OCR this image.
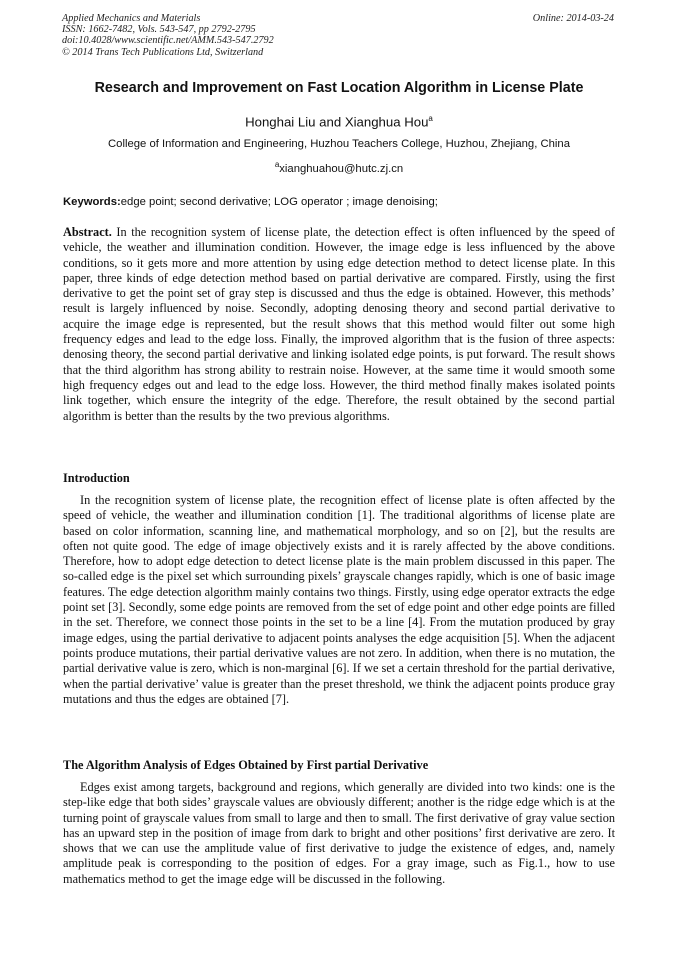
Applied Mechanics and Materials
ISSN: 1662-7482, Vols. 543-547, pp 2792-2795
doi:10.4028/www.scientific.net/AMM.543-547.2792
© 2014 Trans Tech Publications Ltd, Switzerland
Online: 2014-03-24
Research and Improvement on Fast Location Algorithm in License Plate
Honghai Liu and Xianghua Hou$^a$
College of Information and Engineering, Huzhou Teachers College, Huzhou, Zhejiang, China
$^a$xianghuahou@hutc.zj.cn
Keywords:edge point; second derivative; LOG operator ; image denoising;
Abstract. In the recognition system of license plate, the detection effect is often influenced by the speed of vehicle, the weather and illumination condition. However, the image edge is less influenced by the above conditions, so it gets more and more attention by using edge detection method to detect license plate. In this paper, three kinds of edge detection method based on partial derivative are compared. Firstly, using the first derivative to get the point set of gray step is discussed and thus the edge is obtained. However, this methods’ result is largely influenced by noise. Secondly, adopting denosing theory and second partial derivative to acquire the image edge is represented, but the result shows that this method would filter out some high frequency edges and lead to the edge loss. Finally, the improved algorithm that is the fusion of three aspects: denosing theory, the second partial derivative and linking isolated edge points, is put forward. The result shows that the third algorithm has strong ability to restrain noise. However, at the same time it would smooth some high frequency edges out and lead to the edge loss. However, the third method finally makes isolated points link together, which ensure the integrity of the edge. Therefore, the result obtained by the second partial algorithm is better than the results by the two previous algorithms.
Introduction
In the recognition system of license plate, the recognition effect of license plate is often affected by the speed of vehicle, the weather and illumination condition [1]. The traditional algorithms of license plate are based on color information, scanning line, and mathematical morphology, and so on [2], but the results are often not quite good. The edge of image objectively exists and it is rarely affected by the above conditions. Therefore, how to adopt edge detection to detect license plate is the main problem discussed in this paper. The so-called edge is the pixel set which surrounding pixels’ grayscale changes rapidly, which is one of basic image features. The edge detection algorithm mainly contains two things. Firstly, using edge operator extracts the edge point set [3]. Secondly, some edge points are removed from the set of edge point and other edge points are filled in the set. Therefore, we connect those points in the set to be a line [4]. From the mutation produced by gray image edges, using the partial derivative to adjacent points analyses the edge acquisition [5]. When the adjacent points produce mutations, their partial derivative values are not zero. In addition, when there is no mutation, the partial derivative value is zero, which is non-marginal [6]. If we set a certain threshold for the partial derivative, when the partial derivative’ value is greater than the preset threshold, we think the adjacent points produce gray mutations and thus the edges are obtained [7].
The Algorithm Analysis of Edges Obtained by First partial Derivative
Edges exist among targets, background and regions, which generally are divided into two kinds: one is the step-like edge that both sides’ grayscale values are obviously different; another is the ridge edge which is at the turning point of grayscale values from small to large and then to small. The first derivative of gray value section has an upward step in the position of image from dark to bright and other positions’ first derivative are zero. It shows that we can use the amplitude value of first derivative to judge the existence of edges, and, namely amplitude peak is corresponding to the position of edges. For a gray image, such as Fig.1., how to use mathematics method to get the image edge will be discussed in the following.
